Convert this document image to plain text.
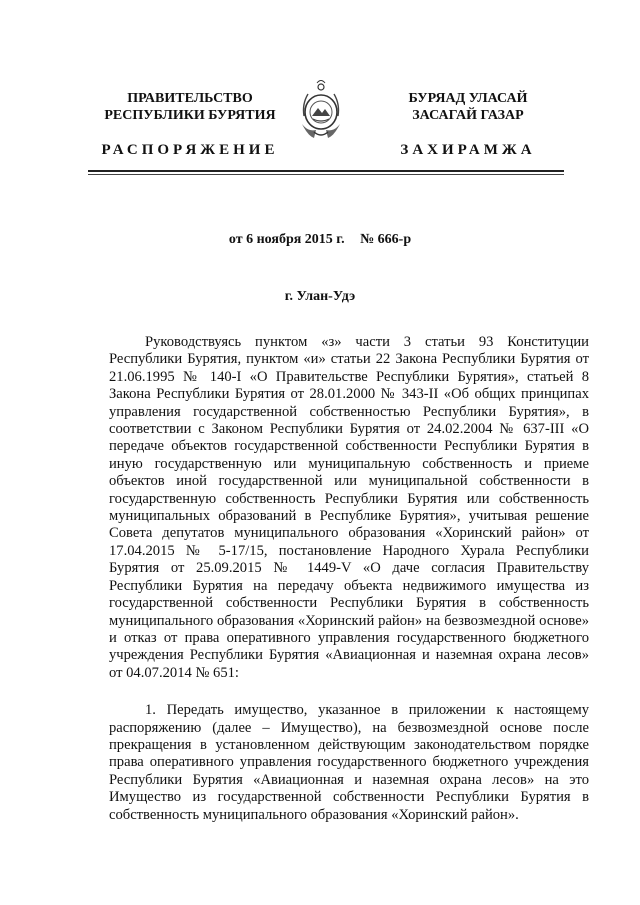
ПРАВИТЕЛЬСТВО
РЕСПУБЛИКИ БУРЯТИЯ
БУРЯАД УЛАСАЙ
ЗАСАГАЙ ГАЗАР
РАСПОРЯЖЕНИЕ	ЗАХИРАМЖА
от 6 ноября 2015 г. № 666-р
г. Улан-Удэ

Руководствуясь пунктом «з» части 3 статьи 93 Конституции Республики Бурятия, пунктом «и» статьи 22 Закона Республики Бурятия от 21.06.1995 № 140-I «О Правительстве Республики Бурятия», статьей 8 Закона Республики Бурятия от 28.01.2000 № 343-II «Об общих принципах управления государственной собственностью Республики Бурятия», в соответствии с Законом Республики Бурятия от 24.02.2004 № 637-III «О передаче объектов государственной собственности Республики Бурятия в иную государственную или муниципальную собственность и приеме объектов иной государственной или муниципальной собственности в государственную собственность Республики Бурятия или собственность муниципальных образований в Республике Бурятия», учитывая решение Совета депутатов муниципального образования «Хоринский район» от 17.04.2015 № 5-17/15, постановление Народного Хурала Республики Бурятия от 25.09.2015 № 1449-V «О даче согласия Правительству Республики Бурятия на передачу объекта недвижимого имущества из государственной собственности Республики Бурятия в собственность муниципального образования «Хоринский район» на безвозмездной основе» и отказ от права оперативного управления государственного бюджетного учреждения Республики Бурятия «Авиационная и наземная охрана лесов» от 04.07.2014 № 651:

1. Передать имущество, указанное в приложении к настоящему распоряжению (далее – Имущество), на безвозмездной основе после прекращения в установленном действующим законодательством порядке права оперативного управления государственного бюджетного учреждения Республики Бурятия «Авиационная и наземная охрана лесов» на это Имущество из государственной собственности Республики Бурятия в собственность муниципального образования «Хоринский район».
